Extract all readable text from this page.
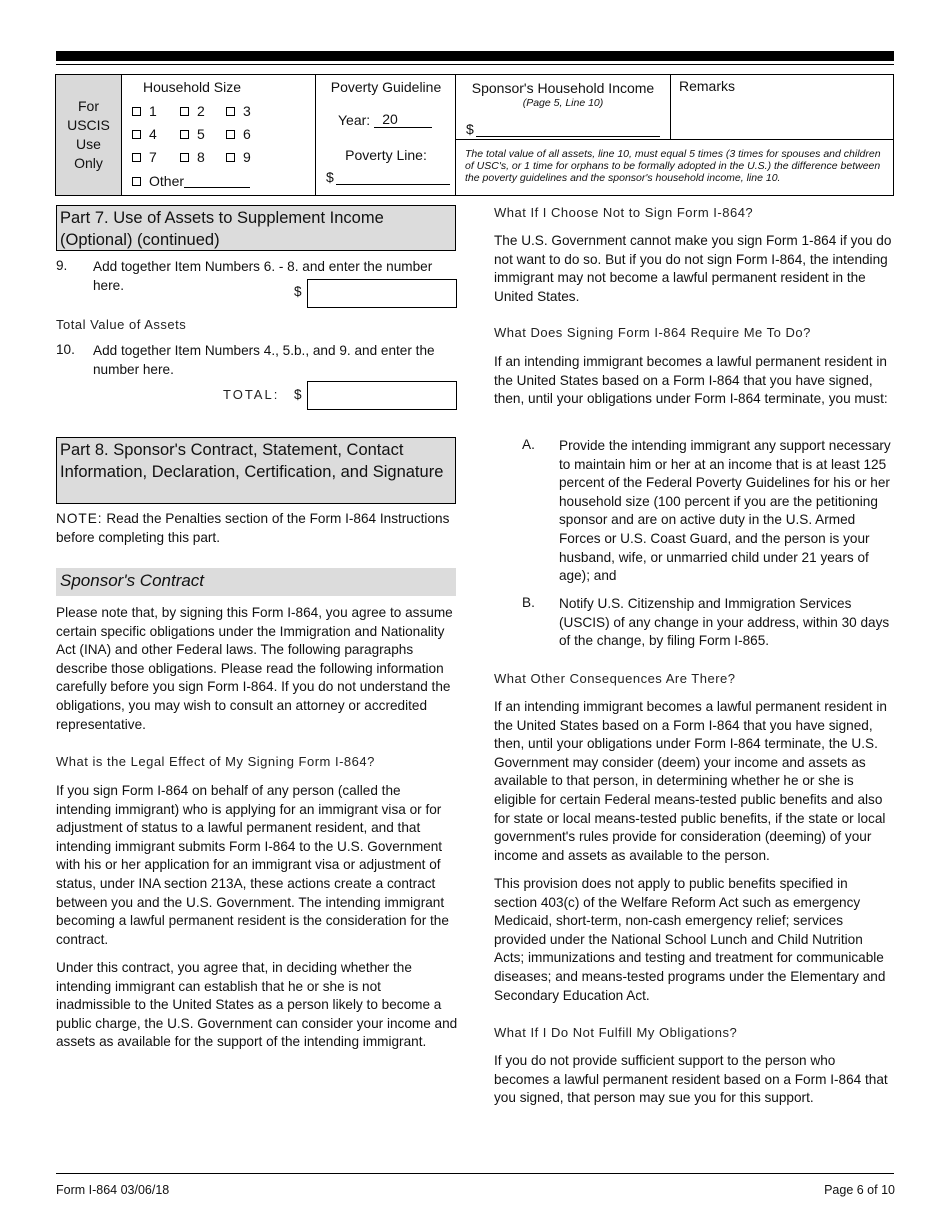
For
USCIS
Use
Only
Household Size
1	2	3
4	5	6
7	8	9
Other
Poverty Guideline
Year: 20
Poverty Line:
$
Sponsor's Household Income
(Page 5, Line 10)
$
Remarks
The total value of all assets, line 10, must equal 5 times (3 times for spouses and children of USC's, or 1 time for orphans to be formally adopted in the U.S.) the difference between the poverty guidelines and the sponsor's household income, line 10.
Part 7. Use of Assets to Supplement Income (Optional) (continued)
9. Add together Item Numbers 6. - 8. and enter the number here.	$
Total Value of Assets
10. Add together Item Numbers 4., 5.b., and 9. and enter the number here.
TOTAL: $
Part 8. Sponsor's Contract, Statement, Contact Information, Declaration, Certification, and Signature
NOTE: Read the Penalties section of the Form I-864 Instructions before completing this part.
Sponsor's Contract
Please note that, by signing this Form I-864, you agree to assume certain specific obligations under the Immigration and Nationality Act (INA) and other Federal laws. The following paragraphs describe those obligations. Please read the following information carefully before you sign Form I-864. If you do not understand the obligations, you may wish to consult an attorney or accredited representative.
What is the Legal Effect of My Signing Form I-864?
If you sign Form I-864 on behalf of any person (called the intending immigrant) who is applying for an immigrant visa or for adjustment of status to a lawful permanent resident, and that intending immigrant submits Form I-864 to the U.S. Government with his or her application for an immigrant visa or adjustment of status, under INA section 213A, these actions create a contract between you and the U.S. Government. The intending immigrant becoming a lawful permanent resident is the consideration for the contract.
Under this contract, you agree that, in deciding whether the intending immigrant can establish that he or she is not inadmissible to the United States as a person likely to become a public charge, the U.S. Government can consider your income and assets as available for the support of the intending immigrant.
What If I Choose Not to Sign Form I-864?
The U.S. Government cannot make you sign Form 1-864 if you do not want to do so. But if you do not sign Form I-864, the intending immigrant may not become a lawful permanent resident in the United States.
What Does Signing Form I-864 Require Me To Do?
If an intending immigrant becomes a lawful permanent resident in the United States based on a Form I-864 that you have signed, then, until your obligations under Form I-864 terminate, you must:
A. Provide the intending immigrant any support necessary to maintain him or her at an income that is at least 125 percent of the Federal Poverty Guidelines for his or her household size (100 percent if you are the petitioning sponsor and are on active duty in the U.S. Armed Forces or U.S. Coast Guard, and the person is your husband, wife, or unmarried child under 21 years of age); and
B. Notify U.S. Citizenship and Immigration Services (USCIS) of any change in your address, within 30 days of the change, by filing Form I-865.
What Other Consequences Are There?
If an intending immigrant becomes a lawful permanent resident in the United States based on a Form I-864 that you have signed, then, until your obligations under Form I-864 terminate, the U.S. Government may consider (deem) your income and assets as available to that person, in determining whether he or she is eligible for certain Federal means-tested public benefits and also for state or local means-tested public benefits, if the state or local government's rules provide for consideration (deeming) of your income and assets as available to the person.
This provision does not apply to public benefits specified in section 403(c) of the Welfare Reform Act such as emergency Medicaid, short-term, non-cash emergency relief; services provided under the National School Lunch and Child Nutrition Acts; immunizations and testing and treatment for communicable diseases; and means-tested programs under the Elementary and Secondary Education Act.
What If I Do Not Fulfill My Obligations?
If you do not provide sufficient support to the person who becomes a lawful permanent resident based on a Form I-864 that you signed, that person may sue you for this support.
Form I-864 03/06/18	Page 6 of 10
